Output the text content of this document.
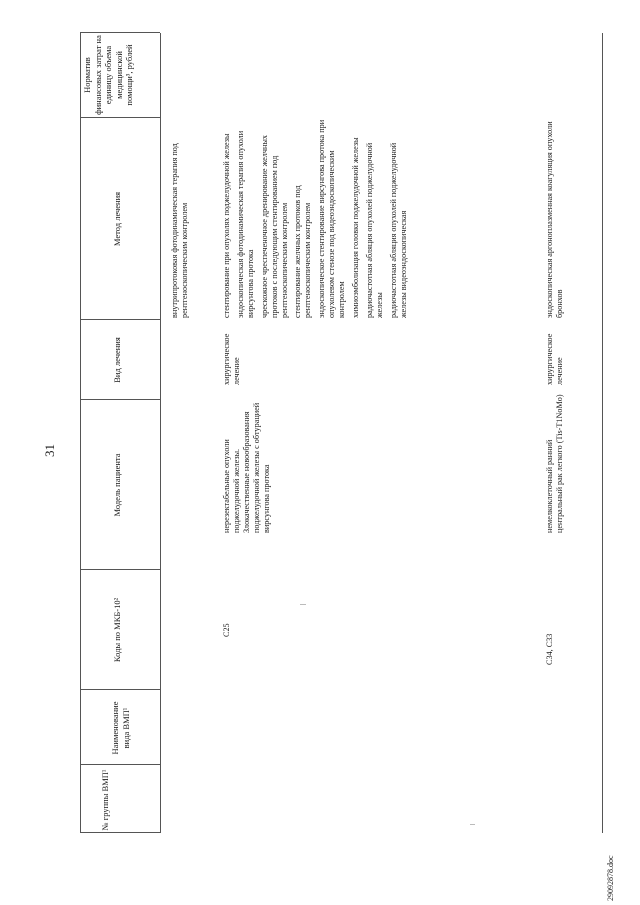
31
29092878.doc
№ группы ВМП¹
Наименование вида ВМП¹
Коды по МКБ-10²
Модель пациента
Вид лечения
Метод лечения
Норматив финансовых затрат на единицу объема медицинской помощи³, рублей
внутрипротоковая фотодинамическая терапия под рентгеноскопическим контролем
C25
нерезектабельные опухоли поджелудочной железы. Злокачественные новообразования поджелудочной железы с обтурацией вирсунгова протока
хирургическое лечение
стентирование при опухолях поджелудочной железы эндоскопическая фотодинамическая терапия опухоли вирсунгова протока чрескожное чреспеченочное дренирование желчных протоков с последующим стентированием под рентгеноскопическим контролем стентирование желчных протоков под рентгеноскопическим контролем эндоскопическое стентирование вирсунгова протока при опухолевом стенозе под видеоэндоскопическим контролем химиоэмболизация головки поджелудочной железы радиочастотная абляция опухолей поджелудочной железы радиочастотная абляция опухолей поджелудочной железы видеоэндоскопическая
C34, C33
немелкоклеточный ранний центральный рак легкого (Tis-T1NoMo)
хирургическое лечение
эндоскопическая аргоноплазменная коагуляция опухоли бронхов
